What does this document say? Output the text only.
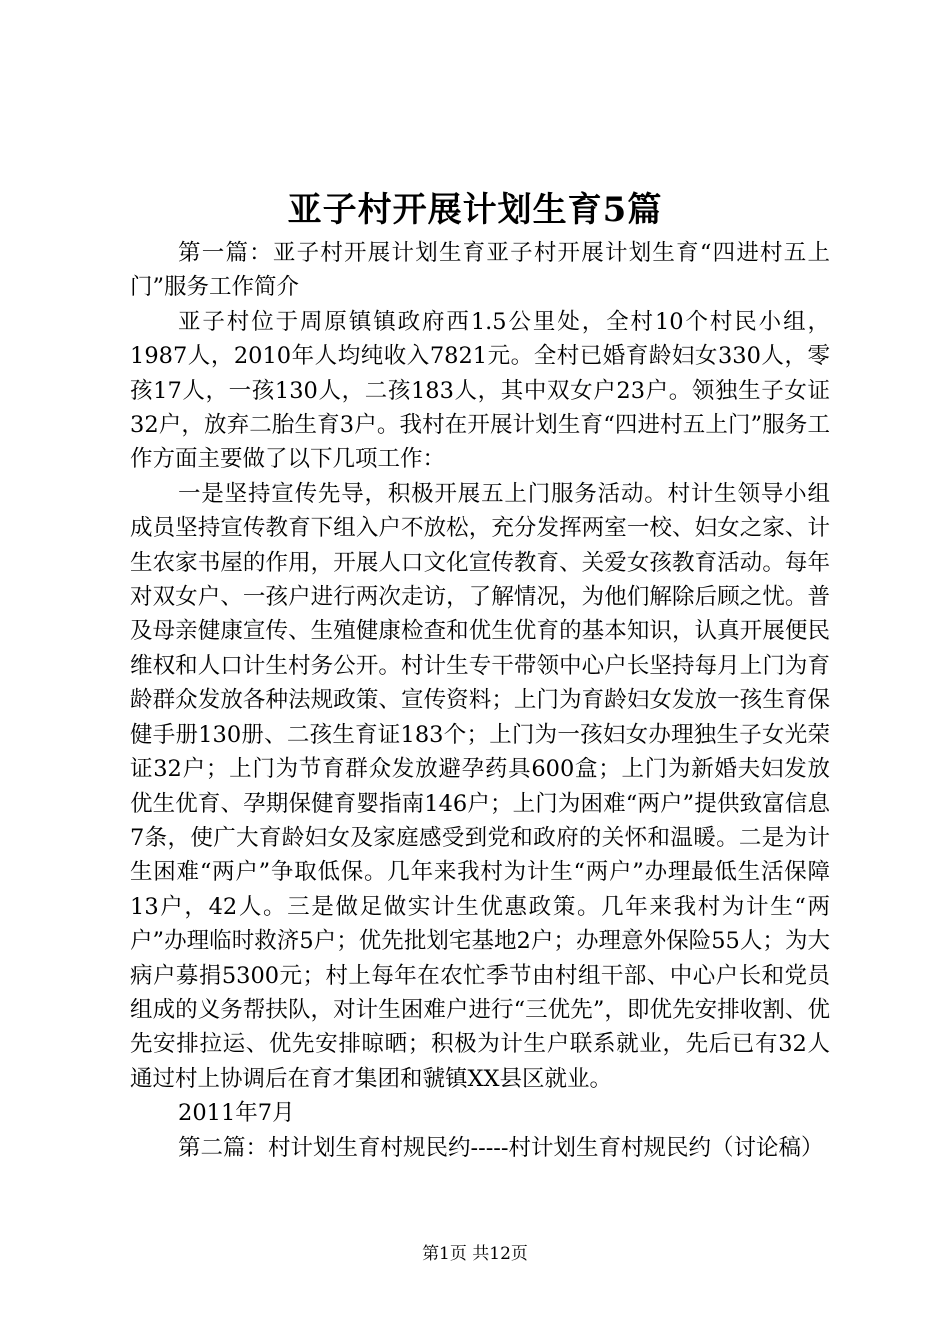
亚子村开展计划生育5篇

第一篇：亚子村开展计划生育亚子村开展计划生育“四进村五上门”服务工作简介

亚子村位于周原镇镇政府西1.5公里处，全村10个村民小组，1987人，2010年人均纯收入7821元。全村已婚育龄妇女330人，零孩17人，一孩130人，二孩183人，其中双女户23户。领独生子女证32户，放弃二胎生育3户。我村在开展计划生育“四进村五上门”服务工作方面主要做了以下几项工作：

一是坚持宣传先导，积极开展五上门服务活动。村计生领导小组成员坚持宣传教育下组入户不放松，充分发挥两室一校、妇女之家、计生农家书屋的作用，开展人口文化宣传教育、关爱女孩教育活动。每年对双女户、一孩户进行两次走访，了解情况，为他们解除后顾之忧。普及母亲健康宣传、生殖健康检查和优生优育的基本知识，认真开展便民维权和人口计生村务公开。村计生专干带领中心户长坚持每月上门为育龄群众发放各种法规政策、宣传资料；上门为育龄妇女发放一孩生育保健手册130册、二孩生育证183个；上门为一孩妇女办理独生子女光荣证32户；上门为节育群众发放避孕药具600盒；上门为新婚夫妇发放优生优育、孕期保健育婴指南146户；上门为困难“两户”提供致富信息7条，使广大育龄妇女及家庭感受到党和政府的关怀和温暖。二是为计生困难“两户”争取低保。几年来我村为计生“两户”办理最低生活保障13户，42人。三是做足做实计生优惠政策。几年来我村为计生“两户”办理临时救济5户；优先批划宅基地2户；办理意外保险55人；为大病户募捐5300元；村上每年在农忙季节由村组干部、中心户长和党员组成的义务帮扶队，对计生困难户进行“三优先”，即优先安排收割、优先安排拉运、优先安排晾晒；积极为计生户联系就业，先后已有32人通过村上协调后在育才集团和虢镇XX县区就业。

2011年7月

第二篇：村计划生育村规民约-----村计划生育村规民约（讨论稿）

第1页 共12页
